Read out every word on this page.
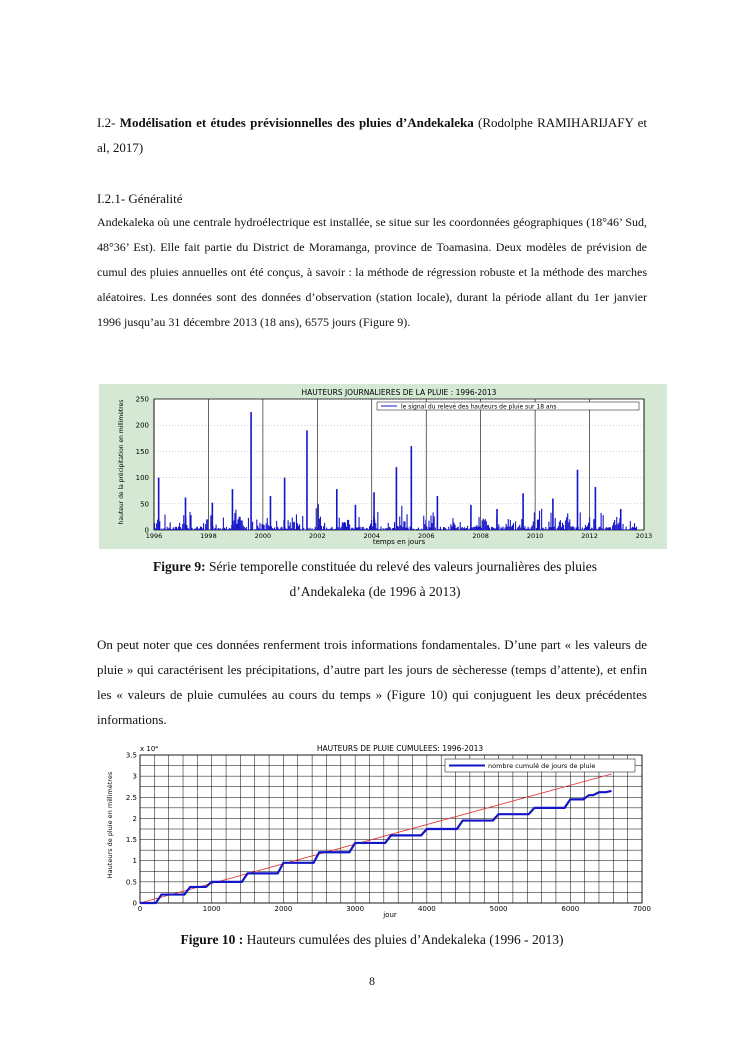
I.2- Modélisation et études prévisionnelles des pluies d’Andekaleka (Rodolphe RAMIHARIJAFY et al, 2017)
I.2.1- Généralité
Andekaleka où une centrale hydroélectrique est installée, se situe sur les coordonnées géographiques (18°46’ Sud, 48°36’ Est). Elle fait partie du District de Moramanga, province de Toamasina. Deux modèles de prévision de cumul des pluies annuelles ont été conçus, à savoir : la méthode de régression robuste et la méthode des marches aléatoires. Les données sont des données d’observation (station locale), durant la période allant du 1er janvier 1996 jusqu’au 31 décembre 2013 (18 ans), 6575 jours (Figure 9).
HAUTEURS JOURNALIERES DE LA PLUIE : 1996-2013
0
50
100
150
200
250
1996	1998	2000	2002	2004	2006	2008	2010	2012	2013
le signal du relevé des hauteurs de pluie sur 18 ans
temps en jours
hauteur de la précipitation en millimètres
Figure 9: Série temporelle constituée du relevé des valeurs journalières des pluies
d’Andekaleka (de 1996 à 2013)
On peut noter que ces données renferment trois informations fondamentales. D’une part « les valeurs de pluie » qui caractérisent les précipitations, d’autre part les jours de sècheresse (temps d’attente), et enfin les « valeurs de pluie cumulées au cours du temps » (Figure 10) qui conjuguent les deux précédentes informations.
HAUTEURS DE PLUIE CUMULEES: 1996-2013
x 10⁴
0
0.5
1
1.5
2
2.5
3
3.5
0	1000	2000	3000	4000	5000	6000	7000
nombre cumulé de jours de pluie
jour
Hauteurs de pluie en millimètres
Figure 10 : Hauteurs cumulées des pluies d’Andekaleka (1996 - 2013)
8
